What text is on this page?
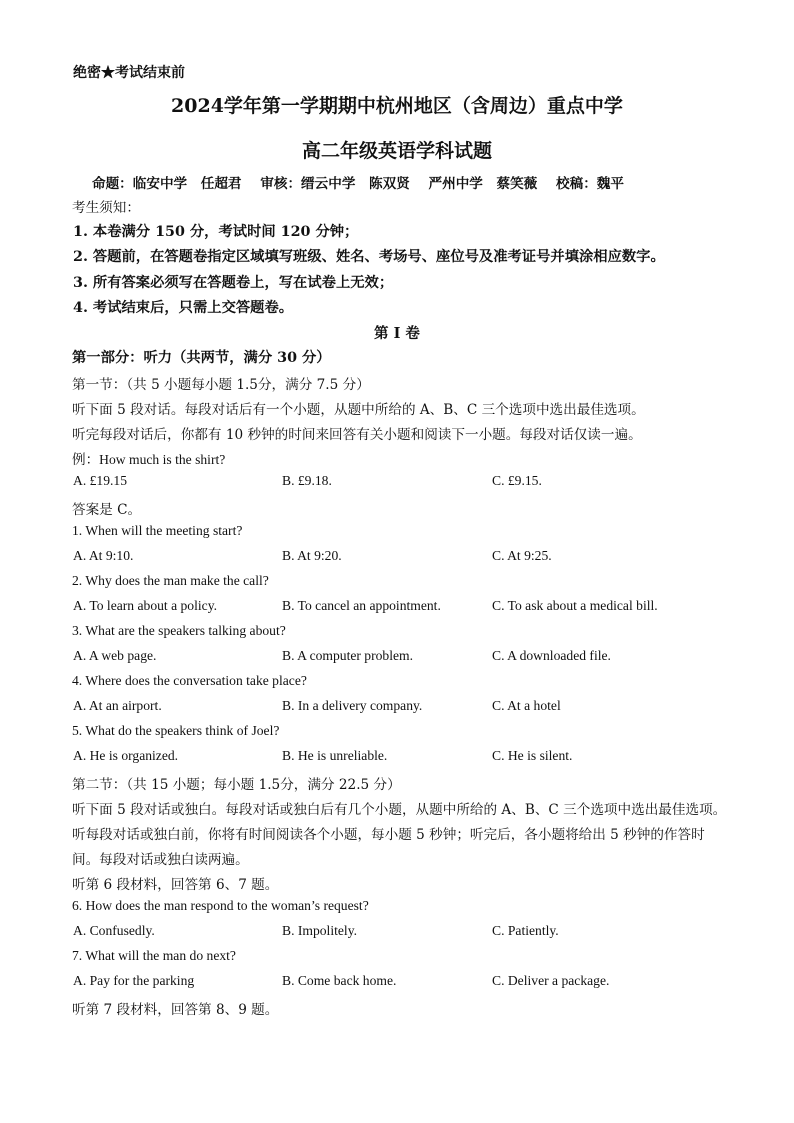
绝密★考试结束前
2024学年第一学期期中杭州地区（含周边）重点中学
高二年级英语学科试题
命题：临安中学　任超君 审核：缙云中学　陈双贤 严州中学　蔡笑薇 校稿：魏平
考生须知：
1. 本卷满分 150 分，考试时间 120 分钟；
2. 答题前，在答题卷指定区域填写班级、姓名、考场号、座位号及准考证号并填涂相应数字。
3. 所有答案必须写在答题卷上，写在试卷上无效；
4. 考试结束后，只需上交答题卷。
第 I 卷
第一部分：听力（共两节，满分 30 分）
第一节：（共 5 小题每小题 1.5分，满分 7.5 分）
听下面 5 段对话。每段对话后有一个小题，从题中所给的 A、B、C 三个选项中选出最佳选项。
听完每段对话后，你都有 10 秒钟的时间来回答有关小题和阅读下一小题。每段对话仅读一遍。
例：How much is the shirt?
A. £19.15	B. £9.18.	C. £9.15.
答案是 C。
1. When will the meeting start?
A. At 9:10.	B. At 9:20.	C. At 9:25.
2. Why does the man make the call?
A. To learn about a policy.	B. To cancel an appointment.	C. To ask about a medical bill.
3. What are the speakers talking about?
A. A web page.	B. A computer problem.	C. A downloaded file.
4. Where does the conversation take place?
A. At an airport.	B. In a delivery company.	C. At a hotel
5. What do the speakers think of Joel?
A. He is organized.	B. He is unreliable.	C. He is silent.
第二节：（共 15 小题；每小题 1.5分，满分 22.5 分）
听下面 5 段对话或独白。每段对话或独白后有几个小题，从题中所给的 A、B、C 三个选项中选出最佳选项。
听每段对话或独白前，你将有时间阅读各个小题，每小题 5 秒钟；听完后，各小题将给出 5 秒钟的作答时
间。每段对话或独白读两遍。
听第 6 段材料，回答第 6、7 题。
6. How does the man respond to the woman’s request?
A. Confusedly.	B. Impolitely.	C. Patiently.
7. What will the man do next?
A. Pay for the parking	B. Come back home.	C. Deliver a package.
听第 7 段材料，回答第 8、9 题。
